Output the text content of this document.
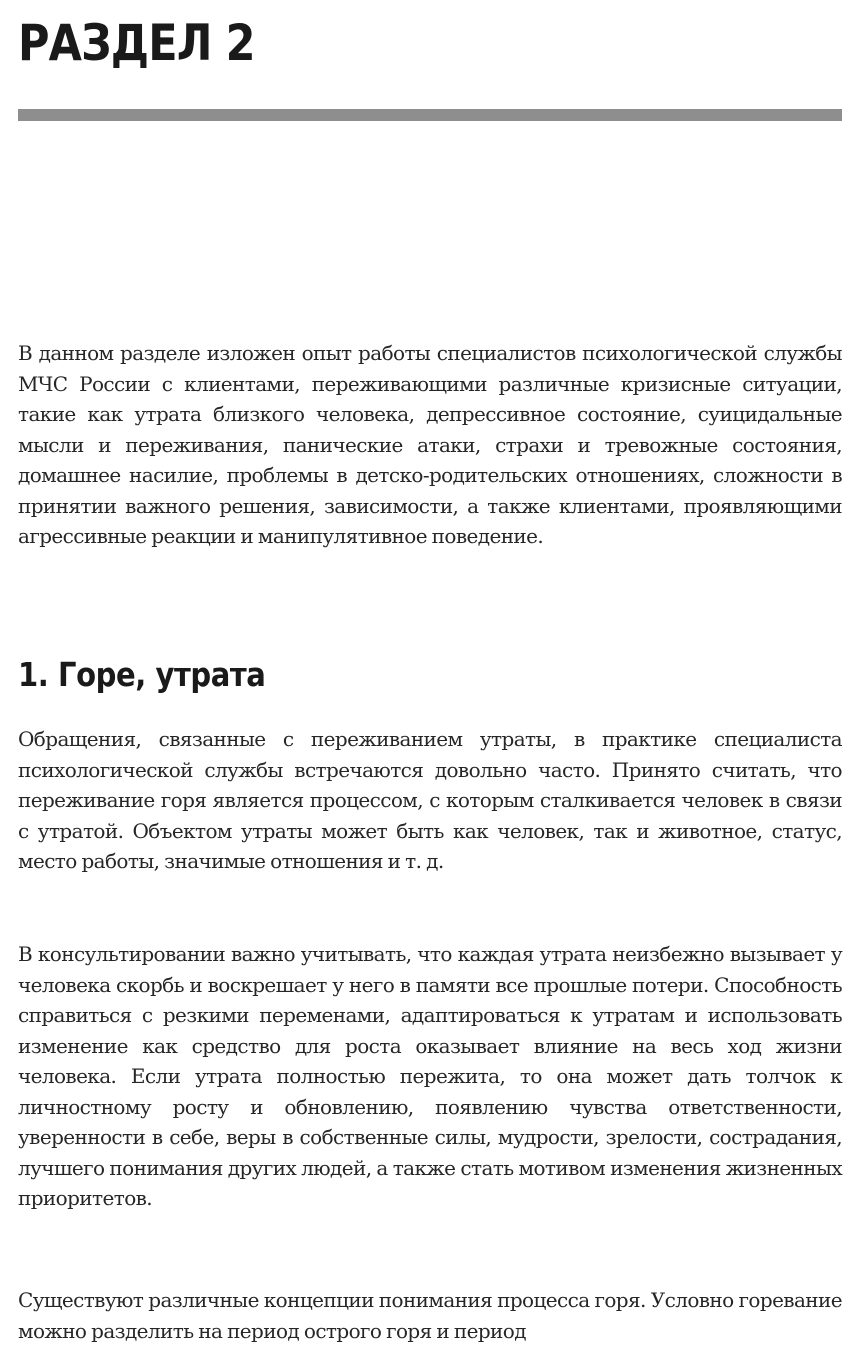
РАЗДЕЛ 2

В данном разделе изложен опыт работы специалистов психологической службы МЧС России с клиентами, переживающими различные кризисные ситуации, такие как утрата близкого человека, депрессивное состояние, суицидальные мысли и переживания, панические атаки, страхи и тревожные состояния, домашнее насилие, проблемы в детско-родительских отношениях, сложности в принятии важного решения, зависимости, а также клиентами, проявляющими агрессивные реакции и манипулятивное поведение.

1. Горе, утрата

Обращения, связанные с переживанием утраты, в практике специалиста психологической службы встречаются довольно часто. Принято считать, что переживание горя является процессом, с которым сталкивается человек в связи с утратой. Объектом утраты может быть как человек, так и животное, статус, место работы, значимые отношения и т. д.

В консультировании важно учитывать, что каждая утрата неизбежно вызывает у человека скорбь и воскрешает у него в памяти все прошлые потери. Способность справиться с резкими переменами, адаптироваться к утратам и использовать изменение как средство для роста оказывает влияние на весь ход жизни человека. Если утрата полностью пережита, то она может дать толчок к личностному росту и обновлению, появлению чувства ответственности, уверенности в себе, веры в собственные силы, мудрости, зрелости, сострадания, лучшего понимания других людей, а также стать мотивом изменения жизненных приоритетов.

Существуют различные концепции понимания процесса горя. Условно горевание можно разделить на период острого горя и период
